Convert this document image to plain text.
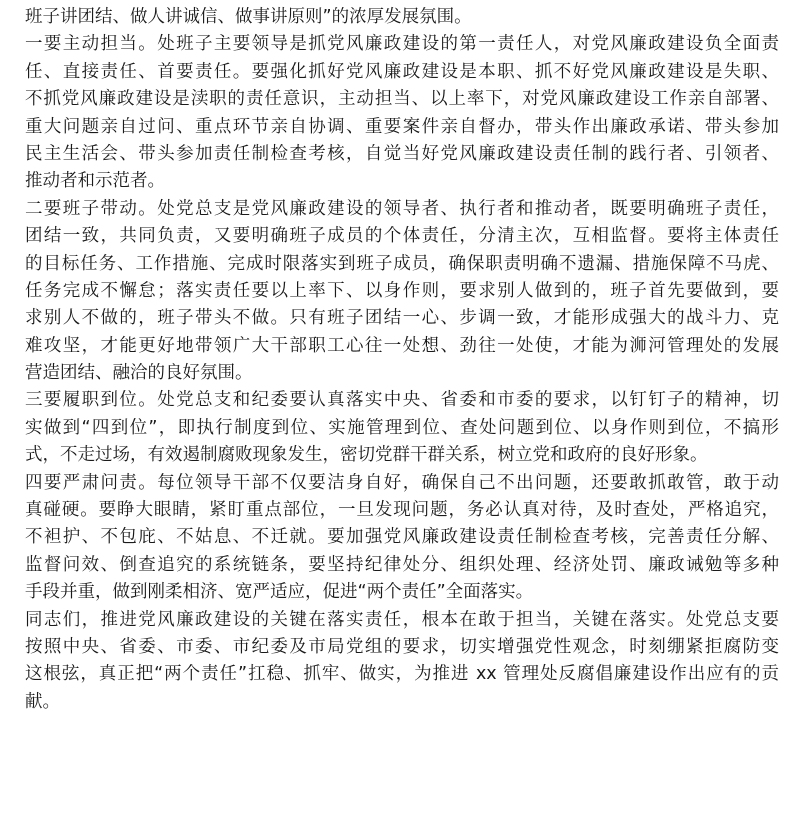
班子讲团结、做人讲诚信、做事讲原则”的浓厚发展氛围。
一要主动担当。处班子主要领导是抓党风廉政建设的第一责任人，对党风廉政建设负全面责
任、直接责任、首要责任。要强化抓好党风廉政建设是本职、抓不好党风廉政建设是失职、
不抓党风廉政建设是渎职的责任意识，主动担当、以上率下，对党风廉政建设工作亲自部署、
重大问题亲自过问、重点环节亲自协调、重要案件亲自督办，带头作出廉政承诺、带头参加
民主生活会、带头参加责任制检查考核，自觉当好党风廉政建设责任制的践行者、引领者、
推动者和示范者。
二要班子带动。处党总支是党风廉政建设的领导者、执行者和推动者，既要明确班子责任，
团结一致，共同负责，又要明确班子成员的个体责任，分清主次，互相监督。要将主体责任
的目标任务、工作措施、完成时限落实到班子成员，确保职责明确不遗漏、措施保障不马虎、
任务完成不懈怠；落实责任要以上率下、以身作则，要求别人做到的，班子首先要做到，要
求别人不做的，班子带头不做。只有班子团结一心、步调一致，才能形成强大的战斗力、克
难攻坚，才能更好地带领广大干部职工心往一处想、劲往一处使，才能为浉河管理处的发展
营造团结、融洽的良好氛围。
三要履职到位。处党总支和纪委要认真落实中央、省委和市委的要求，以钉钉子的精神，切
实做到“四到位”，即执行制度到位、实施管理到位、查处问题到位、以身作则到位，不搞形
式，不走过场，有效遏制腐败现象发生，密切党群干群关系，树立党和政府的良好形象。
四要严肃问责。每位领导干部不仅要洁身自好，确保自己不出问题，还要敢抓敢管，敢于动
真碰硬。要睁大眼睛，紧盯重点部位，一旦发现问题，务必认真对待，及时查处，严格追究，
不袒护、不包庇、不姑息、不迁就。要加强党风廉政建设责任制检查考核，完善责任分解、
监督问效、倒查追究的系统链条，要坚持纪律处分、组织处理、经济处罚、廉政诫勉等多种
手段并重，做到刚柔相济、宽严适应，促进“两个责任”全面落实。
同志们，推进党风廉政建设的关键在落实责任，根本在敢于担当，关键在落实。处党总支要
按照中央、省委、市委、市纪委及市局党组的要求，切实增强党性观念，时刻绷紧拒腐防变
这根弦，真正把“两个责任”扛稳、抓牢、做实，为推进 xx 管理处反腐倡廉建设作出应有的贡
献。
